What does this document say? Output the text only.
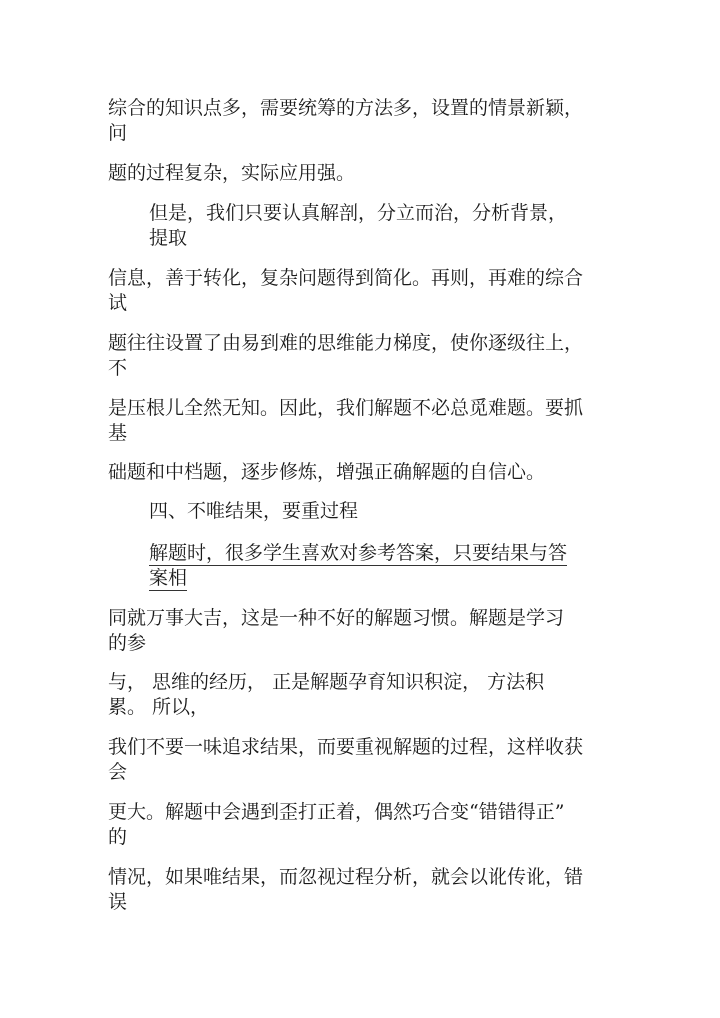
综合的知识点多，需要统筹的方法多，设置的情景新颖，

问

题的过程复杂，实际应用强。

但是，我们只要认真解剖，分立而治，分析背景，

提取

信息，善于转化，复杂问题得到简化。再则，再难的综合

试

题往往设置了由易到难的思维能力梯度，使你逐级往上，

不

是压根儿全然无知。因此，我们解题不必总觅难题。要抓

基

础题和中档题，逐步修炼，增强正确解题的自信心。

四、不唯结果，要重过程

解题时，很多学生喜欢对参考答案，只要结果与答

案相

同就万事大吉，这是一种不好的解题习惯。解题是学习

的参

与， 思维的经历， 正是解题孕育知识积淀， 方法积

累。 所以，

我们不要一味追求结果，而要重视解题的过程，这样收获

会

更大。解题中会遇到歪打正着，偶然巧合变“错错得正”

的

情况，如果唯结果，而忽视过程分析，就会以讹传讹，错

误
